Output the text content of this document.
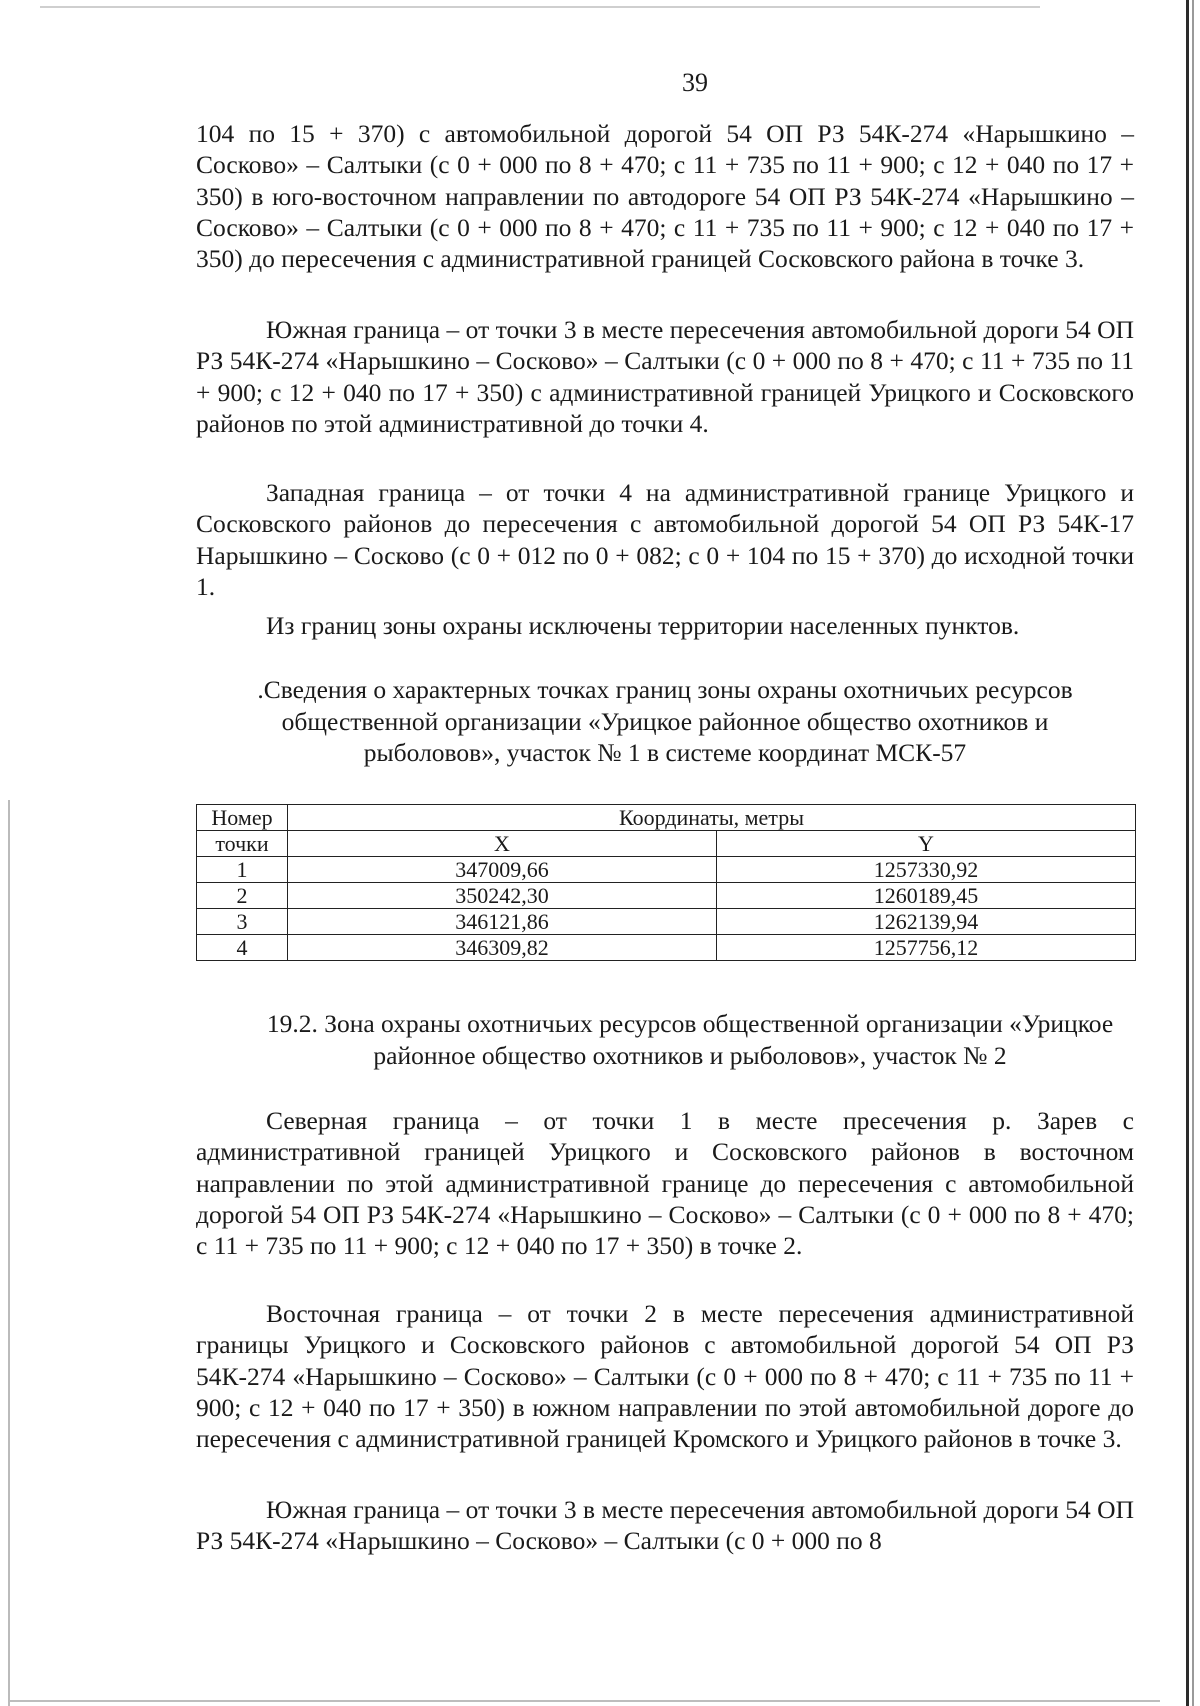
39

104 по 15 + 370) с автомобильной дорогой 54 ОП РЗ 54К-274 «Нарышкино – Сосково» – Салтыки (с 0 + 000 по 8 + 470; с 11 + 735 по 11 + 900; с 12 + 040 по 17 + 350) в юго-восточном направлении по автодороге 54 ОП РЗ 54К-274 «Нарышкино – Сосково» – Салтыки (с 0 + 000 по 8 + 470; с 11 + 735 по 11 + 900; с 12 + 040 по 17 + 350) до пересечения с административной границей Сосковского района в точке 3.

Южная граница – от точки 3 в месте пересечения автомобильной дороги 54 ОП РЗ 54К-274 «Нарышкино – Сосково» – Салтыки (с 0 + 000 по 8 + 470; с 11 + 735 по 11 + 900; с 12 + 040 по 17 + 350) с административной границей Урицкого и Сосковского районов по этой административной до точки 4.

Западная граница – от точки 4 на административной границе Урицкого и Сосковского районов до пересечения с автомобильной дорогой 54 ОП РЗ 54К-17 Нарышкино – Сосково (с 0 + 012 по 0 + 082; с 0 + 104 по 15 + 370) до исходной точки 1.

Из границ зоны охраны исключены территории населенных пунктов.

.Сведения о характерных точках границ зоны охраны охотничьих ресурсов общественной организации «Урицкое районное общество охотников и рыболовов», участок № 1 в системе координат МСК-57

Номер	Координаты, метры	
точки	X	Y
1	347009,66	1257330,92
2	350242,30	1260189,45
3	346121,86	1262139,94
4	346309,82	1257756,12

19.2. Зона охраны охотничьих ресурсов общественной организации «Урицкое районное общество охотников и рыболовов», участок № 2

Северная граница – от точки 1 в месте пресечения р. Зарев с административной границей Урицкого и Сосковского районов в восточном направлении по этой административной границе до пересечения с автомобильной дорогой 54 ОП РЗ 54К-274 «Нарышкино – Сосково» – Салтыки (с 0 + 000 по 8 + 470; с 11 + 735 по 11 + 900; с 12 + 040 по 17 + 350) в точке 2.

Восточная граница – от точки 2 в месте пересечения административной границы Урицкого и Сосковского районов с автомобильной дорогой 54 ОП РЗ 54К-274 «Нарышкино – Сосково» – Салтыки (с 0 + 000 по 8 + 470; с 11 + 735 по 11 + 900; с 12 + 040 по 17 + 350) в южном направлении по этой автомобильной дороге до пересечения с административной границей Кромского и Урицкого районов в точке 3.

Южная граница – от точки 3 в месте пересечения автомобильной дороги 54 ОП РЗ 54К-274 «Нарышкино – Сосково» – Салтыки (с 0 + 000 по 8
